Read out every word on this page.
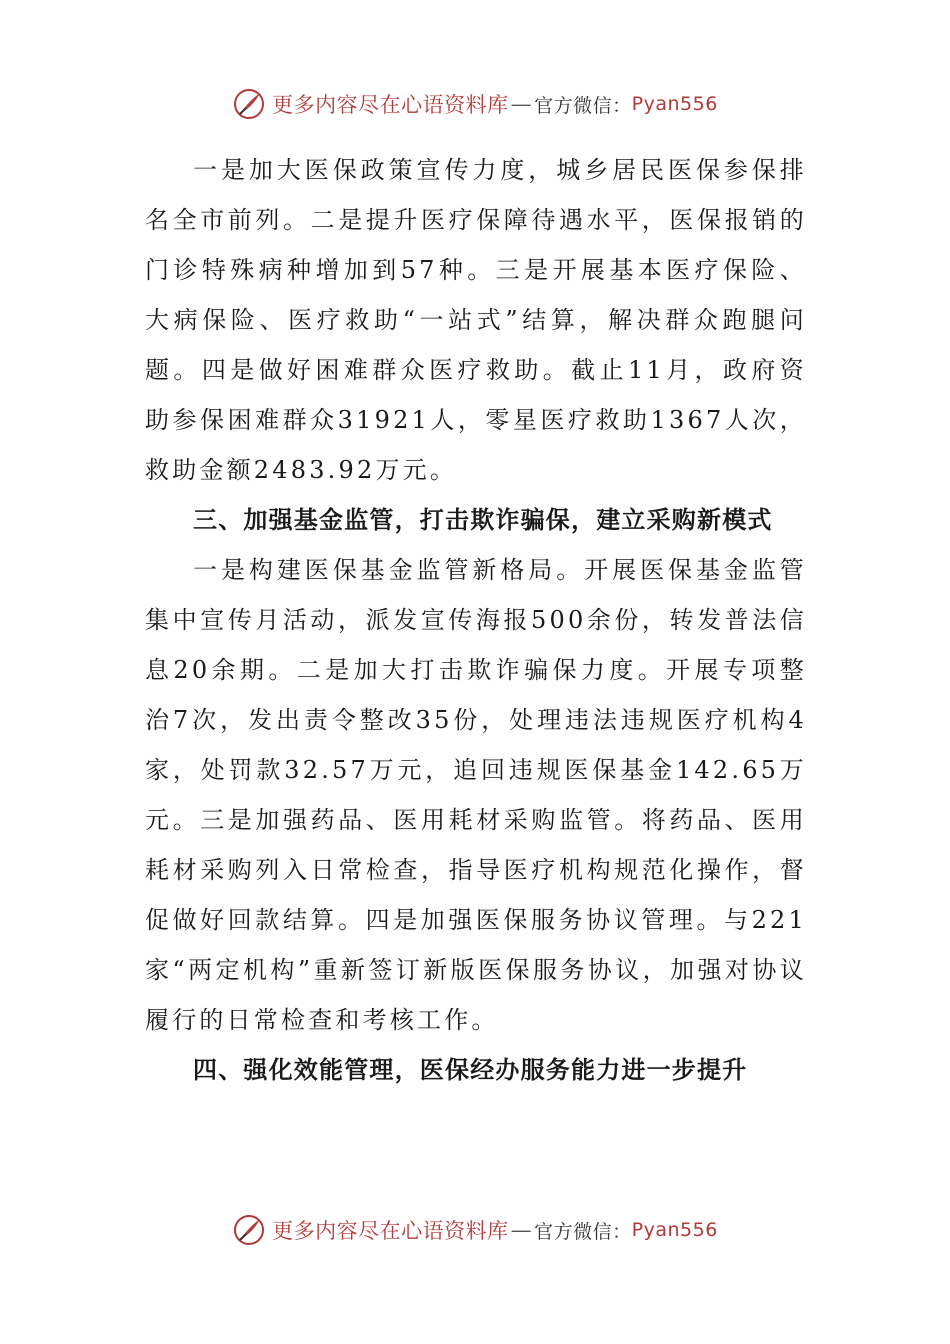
更多内容尽在心语资料库 — 官方微信： Pyan556

一是加大医保政策宣传力度，城乡居民医保参保排名全市前列。二是提升医疗保障待遇水平，医保报销的门诊特殊病种增加到57种。三是开展基本医疗保险、大病保险、医疗救助“一站式”结算，解决群众跑腿问题。四是做好困难群众医疗救助。截止11月，政府资助参保困难群众31921人，零星医疗救助1367人次，救助金额2483.92万元。

三、加强基金监管，打击欺诈骗保，建立采购新模式

一是构建医保基金监管新格局。开展医保基金监管集中宣传月活动，派发宣传海报500余份，转发普法信息20余期。二是加大打击欺诈骗保力度。开展专项整治7次，发出责令整改35份，处理违法违规医疗机构4家，处罚款32.57万元，追回违规医保基金142.65万元。三是加强药品、医用耗材采购监管。将药品、医用耗材采购列入日常检查，指导医疗机构规范化操作，督促做好回款结算。四是加强医保服务协议管理。与221家“两定机构”重新签订新版医保服务协议，加强对协议履行的日常检查和考核工作。

四、强化效能管理，医保经办服务能力进一步提升

更多内容尽在心语资料库 — 官方微信： Pyan556
